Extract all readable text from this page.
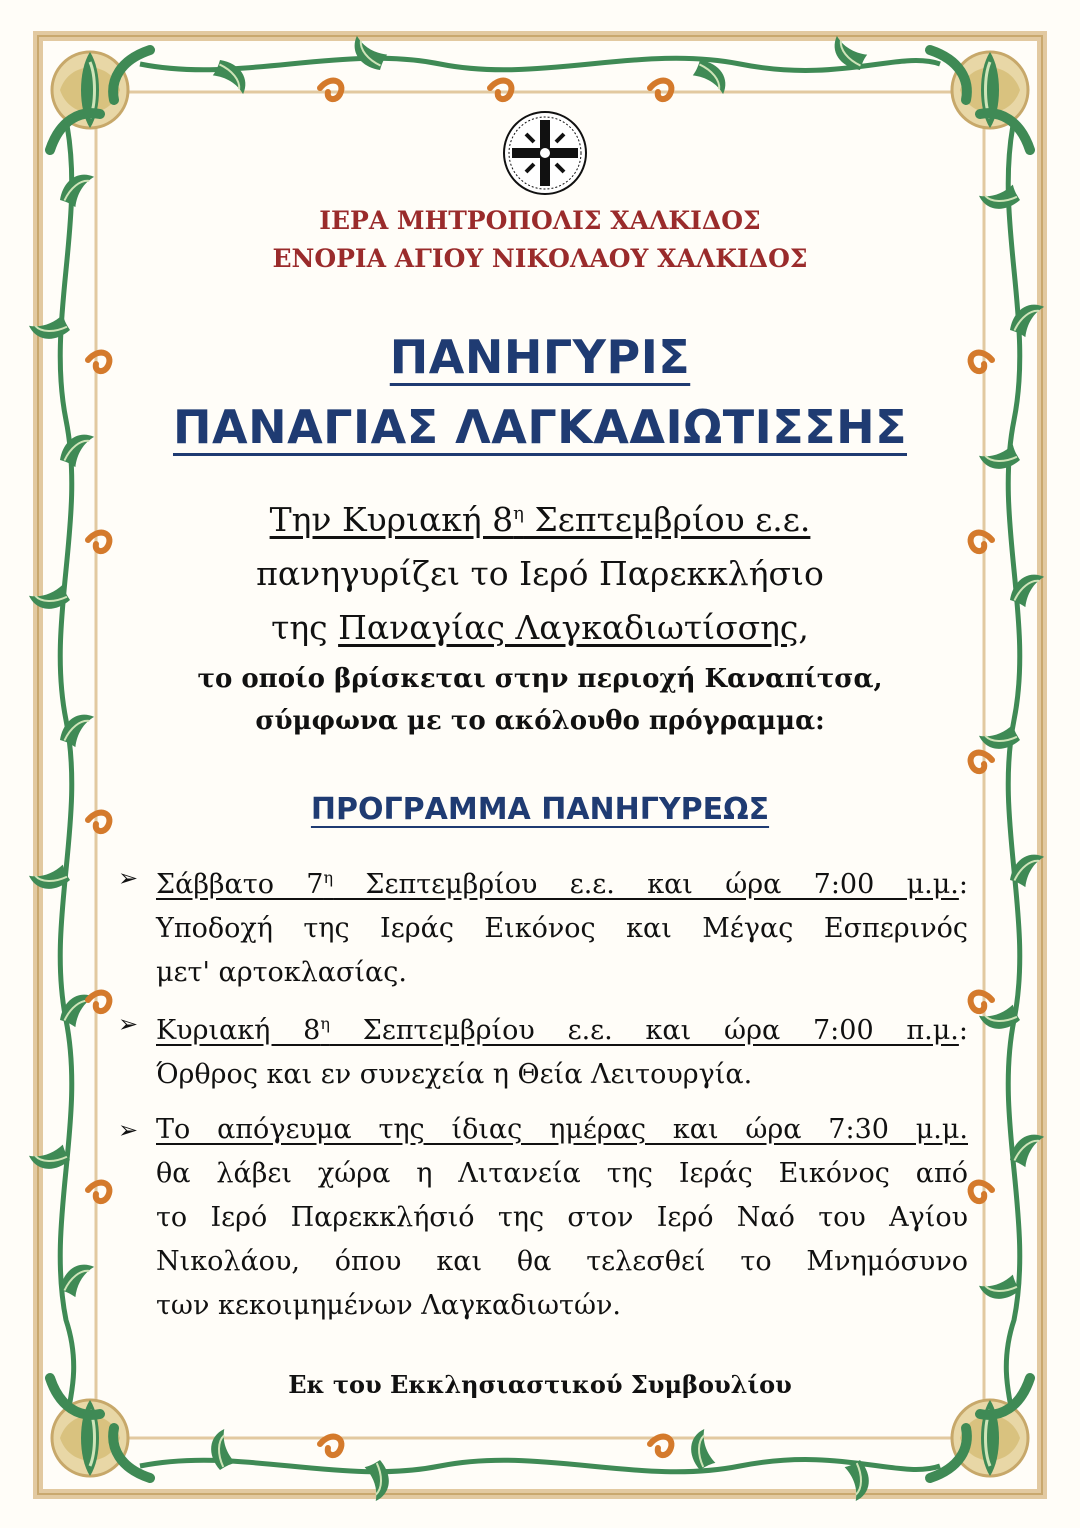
ΙΕΡΑ ΜΗΤΡΟΠΟΛΙΣ ΧΑΛΚΙΔΟΣ
ΕΝΟΡΙΑ ΑΓΙΟΥ ΝΙΚΟΛΑΟΥ ΧΑΛΚΙΔΟΣ
ΠΑΝΗΓΥΡΙΣ
ΠΑΝΑΓΙΑΣ ΛΑΓΚΑΔΙΩΤΙΣΣΗΣ
Την Κυριακή $8^\eta$ Σεπτεμβρίου ε.ε.
πανηγυρίζει το Ιερό Παρεκκλήσιο
της Παναγίας Λαγκαδιωτίσσης,
το οποίο βρίσκεται στην περιοχή Καναπίτσα,
σύμφωνα με το ακόλουθο πρόγραμμα:
ΠΡΟΓΡΑΜΜΑ ΠΑΝΗΓΥΡΕΩΣ
➢ Σάββατο $7^\eta$ Σεπτεμβρίου ε.ε. και ώρα 7:00 μ.μ.:
Υποδοχή της Ιεράς Εικόνος και Μέγας Εσπερινός
μετ' αρτοκλασίας.
➢ Κυριακή $8^\eta$ Σεπτεμβρίου ε.ε. και ώρα 7:00 π.μ.:
Όρθρος και εν συνεχεία η Θεία Λειτουργία.
➢ Το απόγευμα της ίδιας ημέρας και ώρα 7:30 μ.μ.
θα λάβει χώρα η Λιτανεία της Ιεράς Εικόνος από
το Ιερό Παρεκκλήσιό της στον Ιερό Ναό του Αγίου
Νικολάου, όπου και θα τελεσθεί το Μνημόσυνο
των κεκοιμημένων Λαγκαδιωτών.
Εκ του Εκκλησιαστικού Συμβουλίου
